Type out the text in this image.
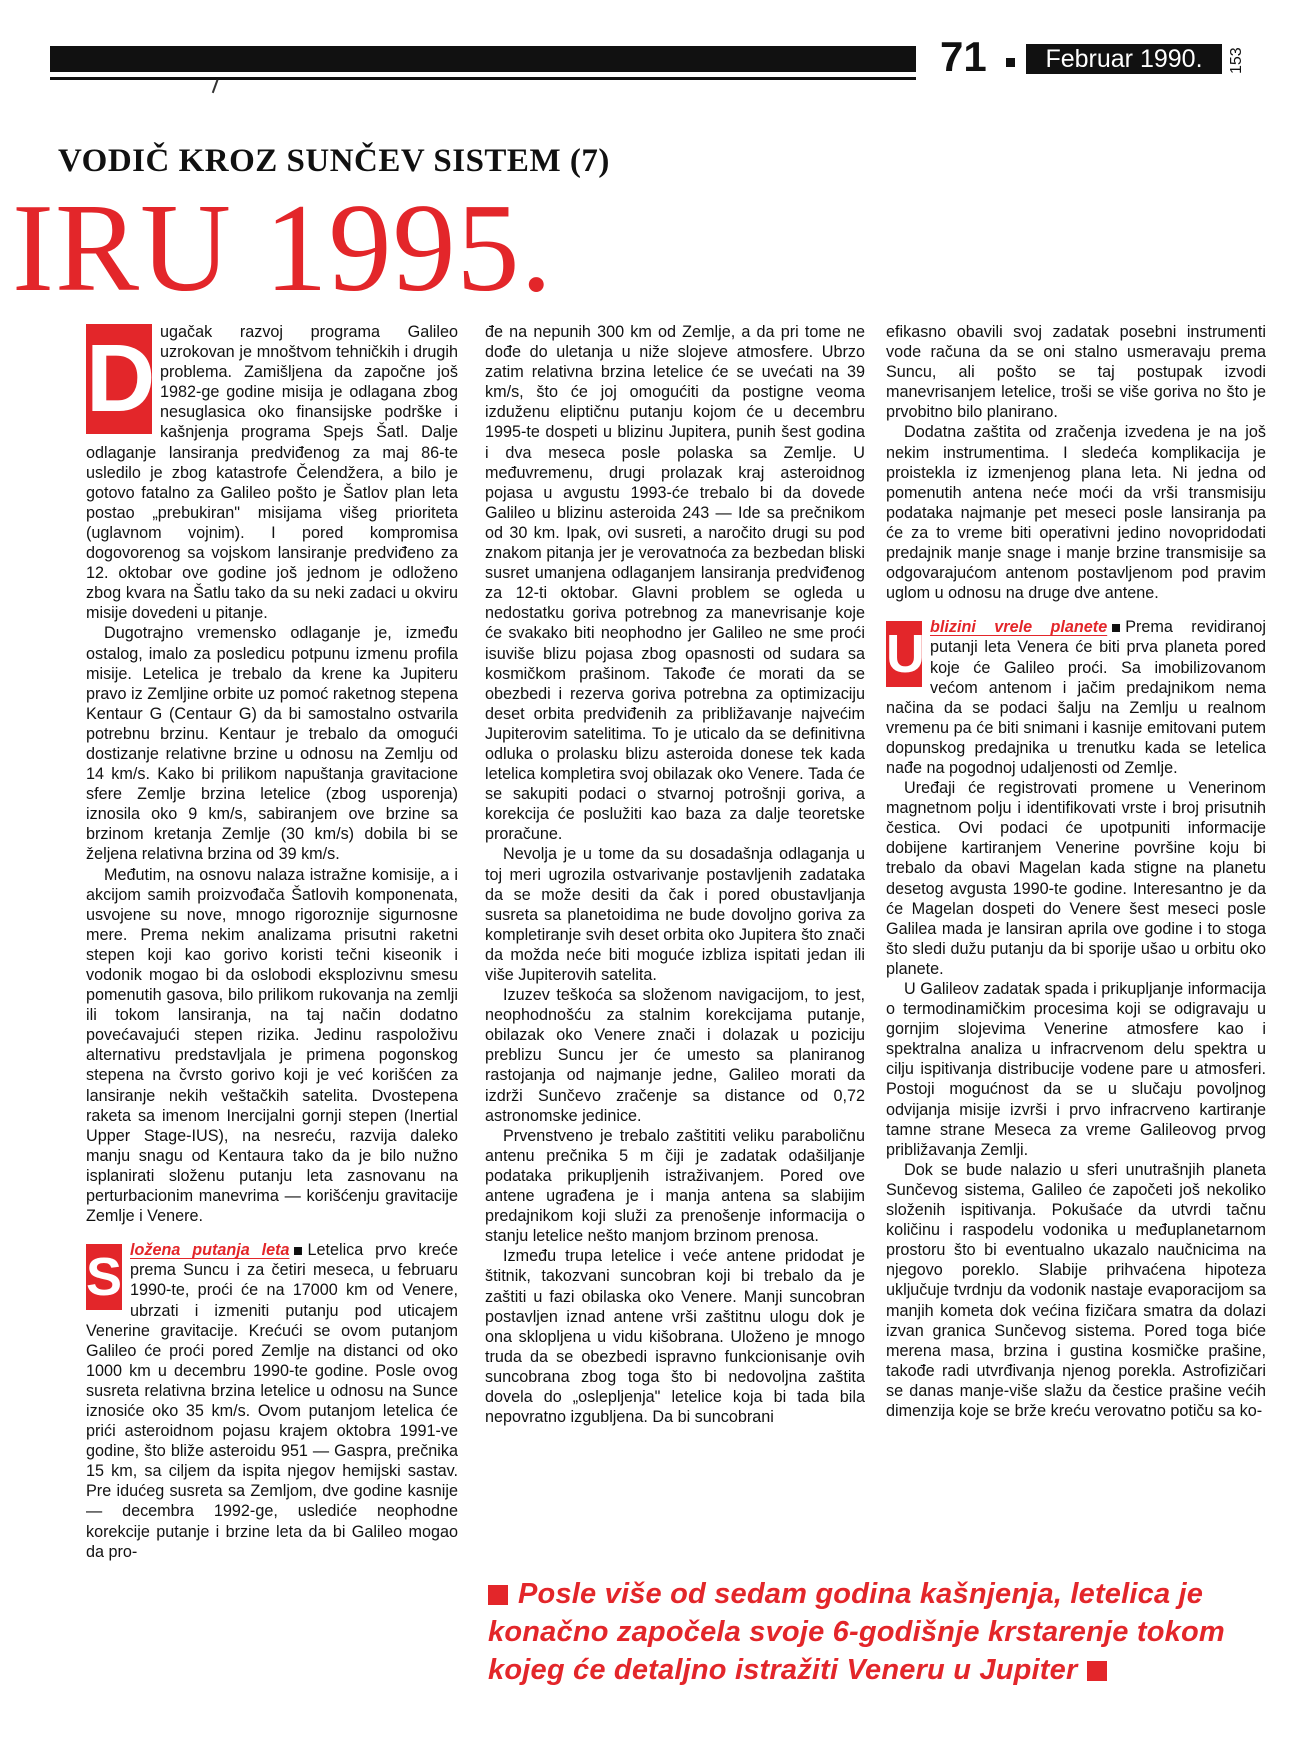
71	Februar 1990.	153
VODIČ KROZ SUNČEV SISTEM (7)
IRU 1995.
D ugačak razvoj programa Galileo uzrokovan je mnoštvom tehničkih i drugih problema. Zamišljena da započne još 1982-ge godine misija je odlagana zbog nesuglasica oko finansijske podrške i kašnjenja programa Spejs Šatl. Dalje odlaganje lansiranja predviđenog za maj 86-te usledilo je zbog katastrofe Čelendžera, a bilo je gotovo fatalno za Galileo pošto je Šatlov plan leta postao „prebukiran" misijama višeg prioriteta (uglavnom vojnim). I pored kompromisa dogovorenog sa vojskom lansiranje predviđeno za 12. oktobar ove godine još jednom je odloženo zbog kvara na Šatlu tako da su neki zadaci u okviru misije dovedeni u pitanje.

Dugotrajno vremensko odlaganje je, između ostalog, imalo za posledicu potpunu izmenu profila misije. Letelica je trebalo da krene ka Jupiteru pravo iz Zemljine orbite uz pomoć raketnog stepena Kentaur G (Centaur G) da bi samostalno ostvarila potrebnu brzinu. Kentaur je trebalo da omogući dostizanje relativne brzine u odnosu na Zemlju od 14 km/s. Kako bi prilikom napuštanja gravitacione sfere Zemlje brzina letelice (zbog usporenja) iznosila oko 9 km/s, sabiranjem ove brzine sa brzinom kretanja Zemlje (30 km/s) dobila bi se željena relativna brzina od 39 km/s.

Međutim, na osnovu nalaza istražne komisije, a i akcijom samih proizvođača Šatlovih komponenata, usvojene su nove, mnogo rigoroznije sigurnosne mere. Prema nekim analizama prisutni raketni stepen koji kao gorivo koristi tečni kiseonik i vodonik mogao bi da oslobodi eksplozivnu smesu pomenutih gasova, bilo prilikom rukovanja na zemlji ili tokom lansiranja, na taj način dodatno povećavajući stepen rizika. Jedinu raspoloživu alternativu predstavljala je primena pogonskog stepena na čvrsto gorivo koji je već korišćen za lansiranje nekih veštačkih satelita. Dvostepena raketa sa imenom Inercijalni gornji stepen (Inertial Upper Stage-IUS), na nesreću, razvija daleko manju snagu od Kentaura tako da je bilo nužno isplanirati složenu putanju leta zasnovanu na perturbacionim manevrima — korišćenju gravitacije Zemlje i Venere.

S ložena putanja leta Letelica prvo kreće prema Suncu i za četiri meseca, u februaru 1990-te, proći će na 17000 km od Venere, ubrzati i izmeniti putanju pod uticajem Venerine gravitacije. Krećući se ovom putanjom Galileo će proći pored Zemlje na distanci od oko 1000 km u decembru 1990-te godine. Posle ovog susreta relativna brzina letelice u odnosu na Sunce iznosiće oko 35 km/s. Ovom putanjom letelica će prići asteroidnom pojasu krajem oktobra 1991-ve godine, što bliže asteroidu 951 — Gaspra, prečnika 15 km, sa ciljem da ispita njegov hemijski sastav. Pre idućeg susreta sa Zemljom, dve godine kasnije — decembra 1992-ge, uslediće neophodne korekcije putanje i brzine leta da bi Galileo mogao da pro-

đe na nepunih 300 km od Zemlje, a da pri tome ne dođe do uletanja u niže slojeve atmosfere. Ubrzo zatim relativna brzina letelice će se uvećati na 39 km/s, što će joj omogućiti da postigne veoma izduženu eliptičnu putanju kojom će u decembru 1995-te dospeti u blizinu Jupitera, punih šest godina i dva meseca posle polaska sa Zemlje. U međuvremenu, drugi prolazak kraj asteroidnog pojasa u avgustu 1993-će trebalo bi da dovede Galileo u blizinu asteroida 243 — Ide sa prečnikom od 30 km. Ipak, ovi susreti, a naročito drugi su pod znakom pitanja jer je verovatnoća za bezbedan bliski susret umanjena odlaganjem lansiranja predviđenog za 12-ti oktobar. Glavni problem se ogleda u nedostatku goriva potrebnog za manevrisanje koje će svakako biti neophodno jer Galileo ne sme proći isuviše blizu pojasa zbog opasnosti od sudara sa kosmičkom prašinom. Takođe će morati da se obezbedi i rezerva goriva potrebna za optimizaciju deset orbita predviđenih za približavanje najvećim Jupiterovim satelitima. To je uticalo da se definitivna odluka o prolasku blizu asteroida donese tek kada letelica kompletira svoj obilazak oko Venere. Tada će se sakupiti podaci o stvarnoj potrošnji goriva, a korekcija će poslužiti kao baza za dalje teoretske proračune.

Nevolja je u tome da su dosadašnja odlaganja u toj meri ugrozila ostvarivanje postavljenih zadataka da se može desiti da čak i pored obustavljanja susreta sa planetoidima ne bude dovoljno goriva za kompletiranje svih deset orbita oko Jupitera što znači da možda neće biti moguće izbliza ispitati jedan ili više Jupiterovih satelita.

Izuzev teškoća sa složenom navigacijom, to jest, neophodnošću za stalnim korekcijama putanje, obilazak oko Venere znači i dolazak u poziciju preblizu Suncu jer će umesto sa planiranog rastojanja od najmanje jedne, Galileo morati da izdrži Sunčevo zračenje sa distance od 0,72 astronomske jedinice.

Prvenstveno je trebalo zaštititi veliku paraboličnu antenu prečnika 5 m čiji je zadatak odašiljanje podataka prikupljenih istraživanjem. Pored ove antene ugrađena je i manja antena sa slabijim predajnikom koji služi za prenošenje informacija o stanju letelice nešto manjom brzinom prenosa.

Između trupa letelice i veće antene pridodat je štitnik, takozvani suncobran koji bi trebalo da je zaštiti u fazi obilaska oko Venere. Manji suncobran postavljen iznad antene vrši zaštitnu ulogu dok je ona sklopljena u vidu kišobrana. Uloženo je mnogo truda da se obezbedi ispravno funkcionisanje ovih suncobrana zbog toga što bi nedovoljna zaštita dovela do „oslepljenja" letelice koja bi tada bila nepovratno izgubljena. Da bi suncobrani

efikasno obavili svoj zadatak posebni instrumenti vode računa da se oni stalno usmeravaju prema Suncu, ali pošto se taj postupak izvodi manevrisanjem letelice, troši se više goriva no što je prvobitno bilo planirano.

Dodatna zaštita od zračenja izvedena je na još nekim instrumentima. I sledeća komplikacija je proistekla iz izmenjenog plana leta. Ni jedna od pomenutih antena neće moći da vrši transmisiju podataka najmanje pet meseci posle lansiranja pa će za to vreme biti operativni jedino novopridodati predajnik manje snage i manje brzine transmisije sa odgovarajućom antenom postavljenom pod pravim uglom u odnosu na druge dve antene.

U blizini vrele planete Prema revidiranoj putanji leta Venera će biti prva planeta pored koje će Galileo proći. Sa imobilizovanom većom antenom i jačim predajnikom nema načina da se podaci šalju na Zemlju u realnom vremenu pa će biti snimani i kasnije emitovani putem dopunskog predajnika u trenutku kada se letelica nađe na pogodnoj udaljenosti od Zemlje.

Uređaji će registrovati promene u Venerinom magnetnom polju i identifikovati vrste i broj prisutnih čestica. Ovi podaci će upotpuniti informacije dobijene kartiranjem Venerine površine koju bi trebalo da obavi Magelan kada stigne na planetu desetog avgusta 1990-te godine. Interesantno je da će Magelan dospeti do Venere šest meseci posle Galilea mada je lansiran aprila ove godine i to stoga što sledi dužu putanju da bi sporije ušao u orbitu oko planete.

U Galileov zadatak spada i prikupljanje informacija o termodinamičkim procesima koji se odigravaju u gornjim slojevima Venerine atmosfere kao i spektralna analiza u infracrvenom delu spektra u cilju ispitivanja distribucije vodene pare u atmosferi. Postoji mogućnost da se u slučaju povoljnog odvijanja misije izvrši i prvo infracrveno kartiranje tamne strane Meseca za vreme Galileovog prvog približavanja Zemlji.

Dok se bude nalazio u sferi unutrašnjih planeta Sunčevog sistema, Galileo će započeti još nekoliko složenih ispitivanja. Pokušaće da utvrdi tačnu količinu i raspodelu vodonika u međuplanetarnom prostoru što bi eventualno ukazalo naučnicima na njegovo poreklo. Slabije prihvaćena hipoteza uključuje tvrdnju da vodonik nastaje evaporacijom sa manjih kometa dok većina fizičara smatra da dolazi izvan granica Sunčevog sistema. Pored toga biće merena masa, brzina i gustina kosmičke prašine, takođe radi utvrđivanja njenog porekla. Astrofizičari se danas manje-više slažu da čestice prašine većih dimenzija koje se brže kreću verovatno potiču sa ko-

Posle više od sedam godina kašnjenja, letelica je konačno započela svoje 6-godišnje krstarenje tokom kojeg će detaljno istražiti Veneru u Jupiter
